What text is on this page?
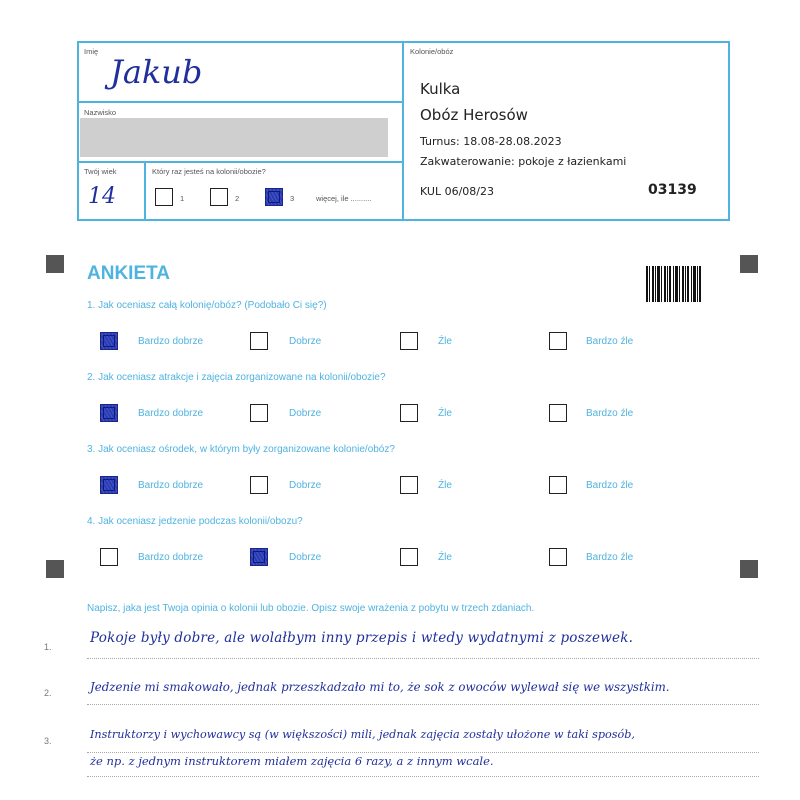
Imię
Jakub
Nazwisko
Twój wiek
14
Który raz jesteś na kolonii/obozie?
1	2	3	więcej, ile ..........
Kolonie/obóz
Kulka
Obóz Herosów
Turnus: 18.08-28.08.2023
Zakwaterowanie: pokoje z łazienkami
KUL 06/08/23	03139
ANKIETA
1. Jak oceniasz całą kolonię/obóz? (Podobało Ci się?)
Bardzo dobrze	Dobrze	Źle	Bardzo źle
2. Jak oceniasz atrakcje i zajęcia zorganizowane na kolonii/obozie?
Bardzo dobrze	Dobrze	Źle	Bardzo źle
3. Jak oceniasz ośrodek, w którym były zorganizowane kolonie/obóz?
Bardzo dobrze	Dobrze	Źle	Bardzo źle
4. Jak oceniasz jedzenie podczas kolonii/obozu?
Bardzo dobrze	Dobrze	Źle	Bardzo źle
Napisz, jaka jest Twoja opinia o kolonii lub obozie. Opisz swoje wrażenia z pobytu w trzech zdaniach.
1.
Pokoje były dobre, ale wolałbym inny przepis i wtedy wydatnymi z poszewek.
2.	Jedzenie mi smakowało, jednak przeszkadzało mi to, że sok z owoców wylewał się we wszystkim.
3.	Instruktorzy i wychowawcy są (w większości) mili, jednak zajęcia zostały ułożone w taki sposób,
że np. z jednym instruktorem miałem zajęcia 6 razy, a z innym wcale.
